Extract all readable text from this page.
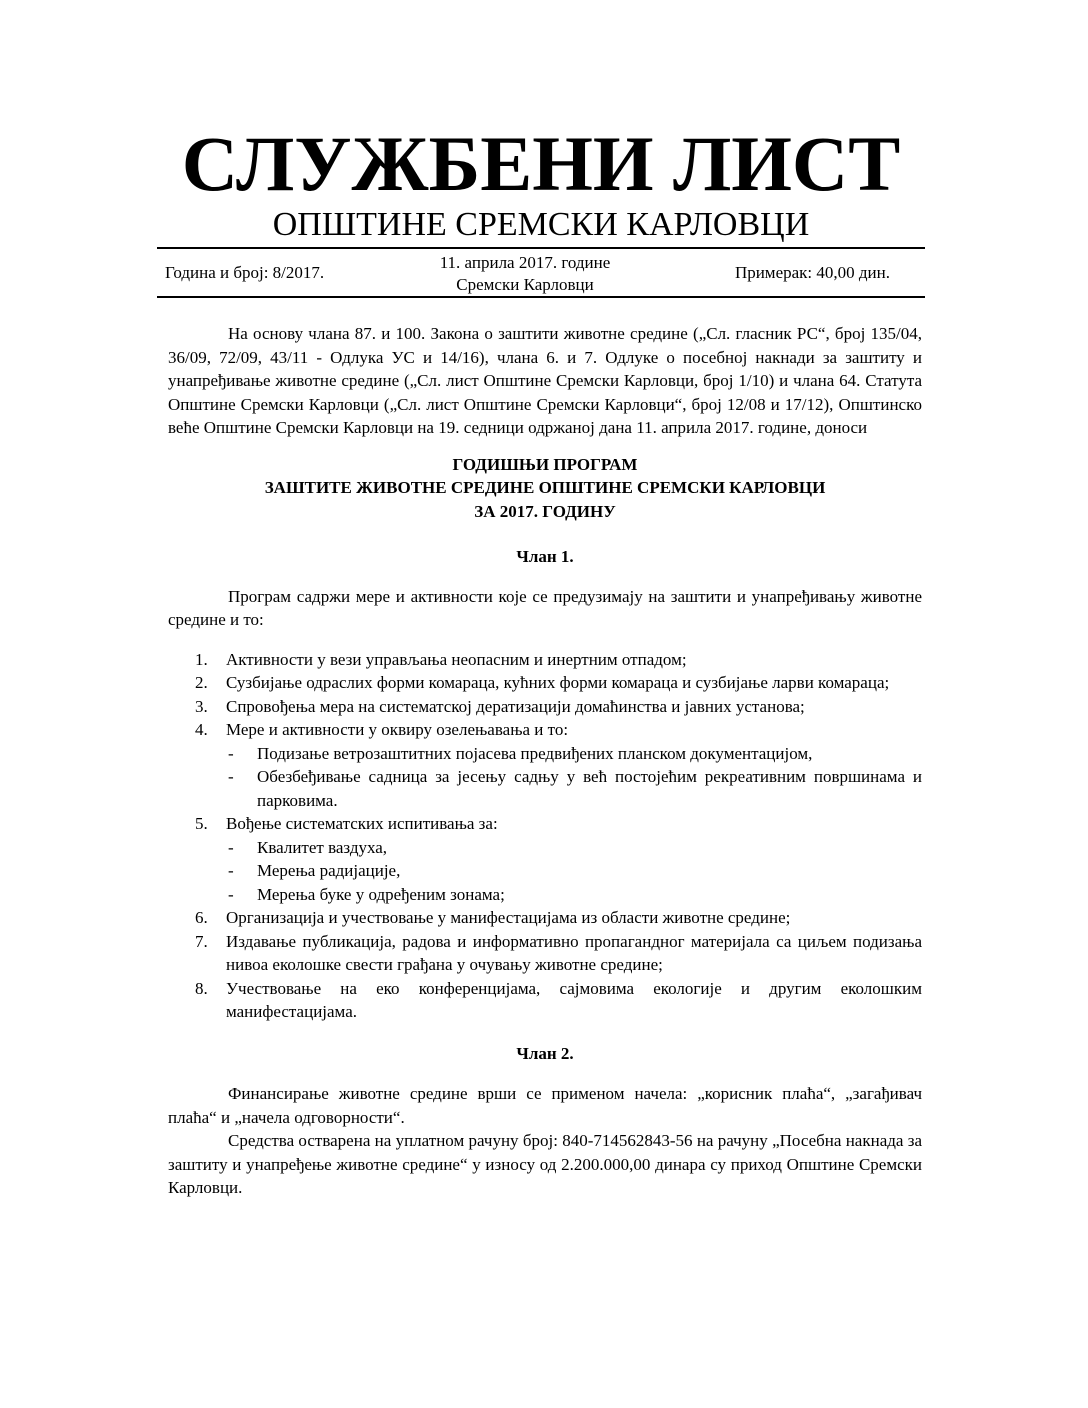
СЛУЖБЕНИ ЛИСТ
ОПШТИНЕ СРЕМСКИ КАРЛОВЦИ
Година и број: 8/2017.
11. априла 2017. године
Сремски Карловци
Примерак: 40,00 дин.

На основу члана 87. и 100. Закона о заштити животне средине („Сл. гласник РС“, број 135/04, 36/09, 72/09, 43/11 - Одлука УС и 14/16), члана 6. и 7. Одлуке о посебној накнади за заштиту и унапређивање животне средине („Сл. лист Општине Сремски Карловци, број 1/10) и члана 64. Статута Општине Сремски Карловци („Сл. лист Општине Сремски Карловци“, број 12/08 и 17/12), Општинско веће Општине Сремски Карловци на 19. седници одржаној дана 11. априла 2017. године, доноси

ГОДИШЊИ ПРОГРАМ

ЗАШТИТЕ ЖИВОТНЕ СРЕДИНЕ ОПШТИНЕ СРЕМСКИ КАРЛОВЦИ

ЗА 2017. ГОДИНУ

Члан 1.

Програм садржи мере и активности које се предузимају на заштити и унапређивању животне средине и то:

1. Активности у вези управљања неопасним и инертним отпадом;
2. Сузбијање одраслих форми комараца, кућних форми комараца и сузбијање ларви комараца;
3. Спровођења мера на систематској дератизацији домаћинства и јавних установа;
4. Мере и активности у оквиру озелењавања и то:
- Подизање ветрозаштитних појасева предвиђених планском документацијом,
- Обезбеђивање садница за јесењу садњу у већ постојећим рекреативним површинама и парковима.
5. Вођење систематских испитивања за:
- Квалитет ваздуха,
- Мерења радијације,
- Мерења буке у одређеним зонама;
6. Организација и учествовање у манифестацијама из области животне средине;
7. Издавање публикација, радова и информативно пропагандног материјала са циљем подизања нивоа еколошке свести грађана у очувању животне средине;
8. Учествовање на еко конференцијама, сајмовима екологије и другим еколошким манифестацијама.

Члан 2.

Финансирање животне средине врши се применом начела: „корисник плаћа“, „загађивач плаћа“ и „начела одговорности“.

Средства остварена на уплатном рачуну број: 840-714562843-56 на рачуну „Посебна накнада за заштиту и унапређење животне средине“ у износу од 2.200.000,00 динара су приход Општине Сремски Карловци.
